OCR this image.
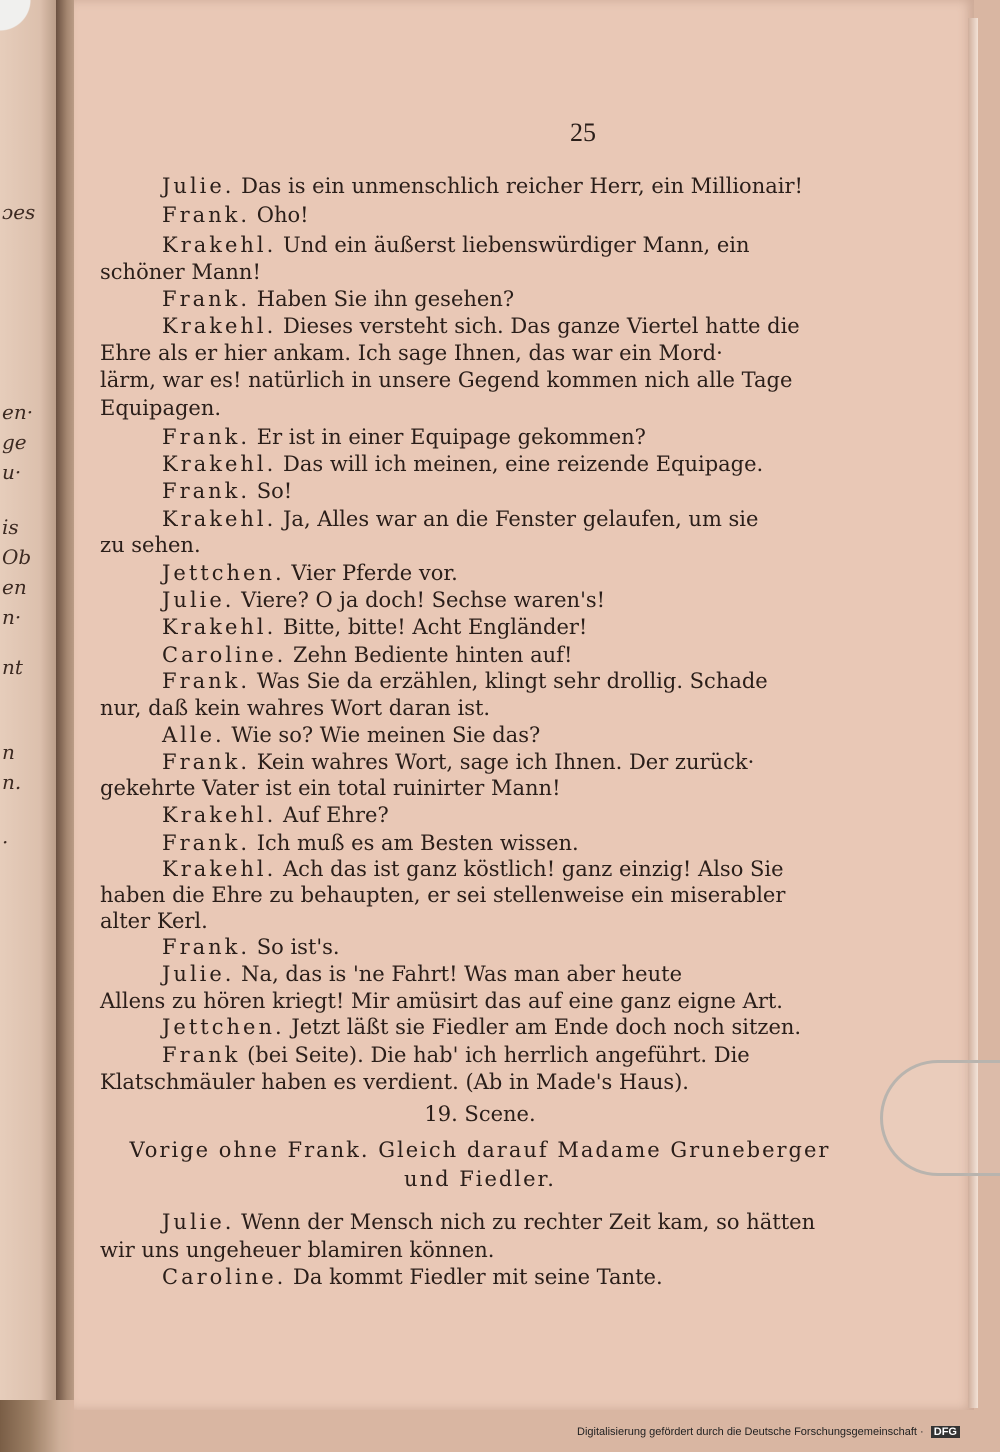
ɔes
en·
ge
u·
is
Ob
en
n·
nt
n
n.
·
25
Julie. Das is ein unmenschlich reicher Herr, ein Millionair!
Frank. Oho!
Krakehl. Und ein äußerst liebenswürdiger Mann, ein
schöner Mann!
Frank. Haben Sie ihn gesehen?
Krakehl. Dieses versteht sich. Das ganze Viertel hatte die
Ehre als er hier ankam. Ich sage Ihnen, das war ein Mord·
lärm, war es! natürlich in unsere Gegend kommen nich alle Tage
Equipagen.
Frank. Er ist in einer Equipage gekommen?
Krakehl. Das will ich meinen, eine reizende Equipage.
Frank. So!
Krakehl. Ja, Alles war an die Fenster gelaufen, um sie
zu sehen.
Jettchen. Vier Pferde vor.
Julie. Viere? O ja doch! Sechse waren's!
Krakehl. Bitte, bitte! Acht Engländer!
Caroline. Zehn Bediente hinten auf!
Frank. Was Sie da erzählen, klingt sehr drollig. Schade
nur, daß kein wahres Wort daran ist.
Alle. Wie so? Wie meinen Sie das?
Frank. Kein wahres Wort, sage ich Ihnen. Der zurück·
gekehrte Vater ist ein total ruinirter Mann!
Krakehl. Auf Ehre?
Frank. Ich muß es am Besten wissen.
Krakehl. Ach das ist ganz köstlich! ganz einzig! Also Sie
haben die Ehre zu behaupten, er sei stellenweise ein miserabler
alter Kerl.
Frank. So ist's.
Julie. Na, das is 'ne Fahrt! Was man aber heute
Allens zu hören kriegt! Mir amüsirt das auf eine ganz eigne Art.
Jettchen. Jetzt läßt sie Fiedler am Ende doch noch sitzen.
Frank (bei Seite). Die hab' ich herrlich angeführt. Die
Klatschmäuler haben es verdient. (Ab in Made's Haus).
19. Scene.
Vorige ohne Frank. Gleich darauf Madame Gruneberger
und Fiedler.
Julie. Wenn der Mensch nich zu rechter Zeit kam, so hätten
wir uns ungeheuer blamiren können.
Caroline. Da kommt Fiedler mit seine Tante.
Digitalisierung gefördert durch die Deutsche Forschungsgemeinschaft · DFG
